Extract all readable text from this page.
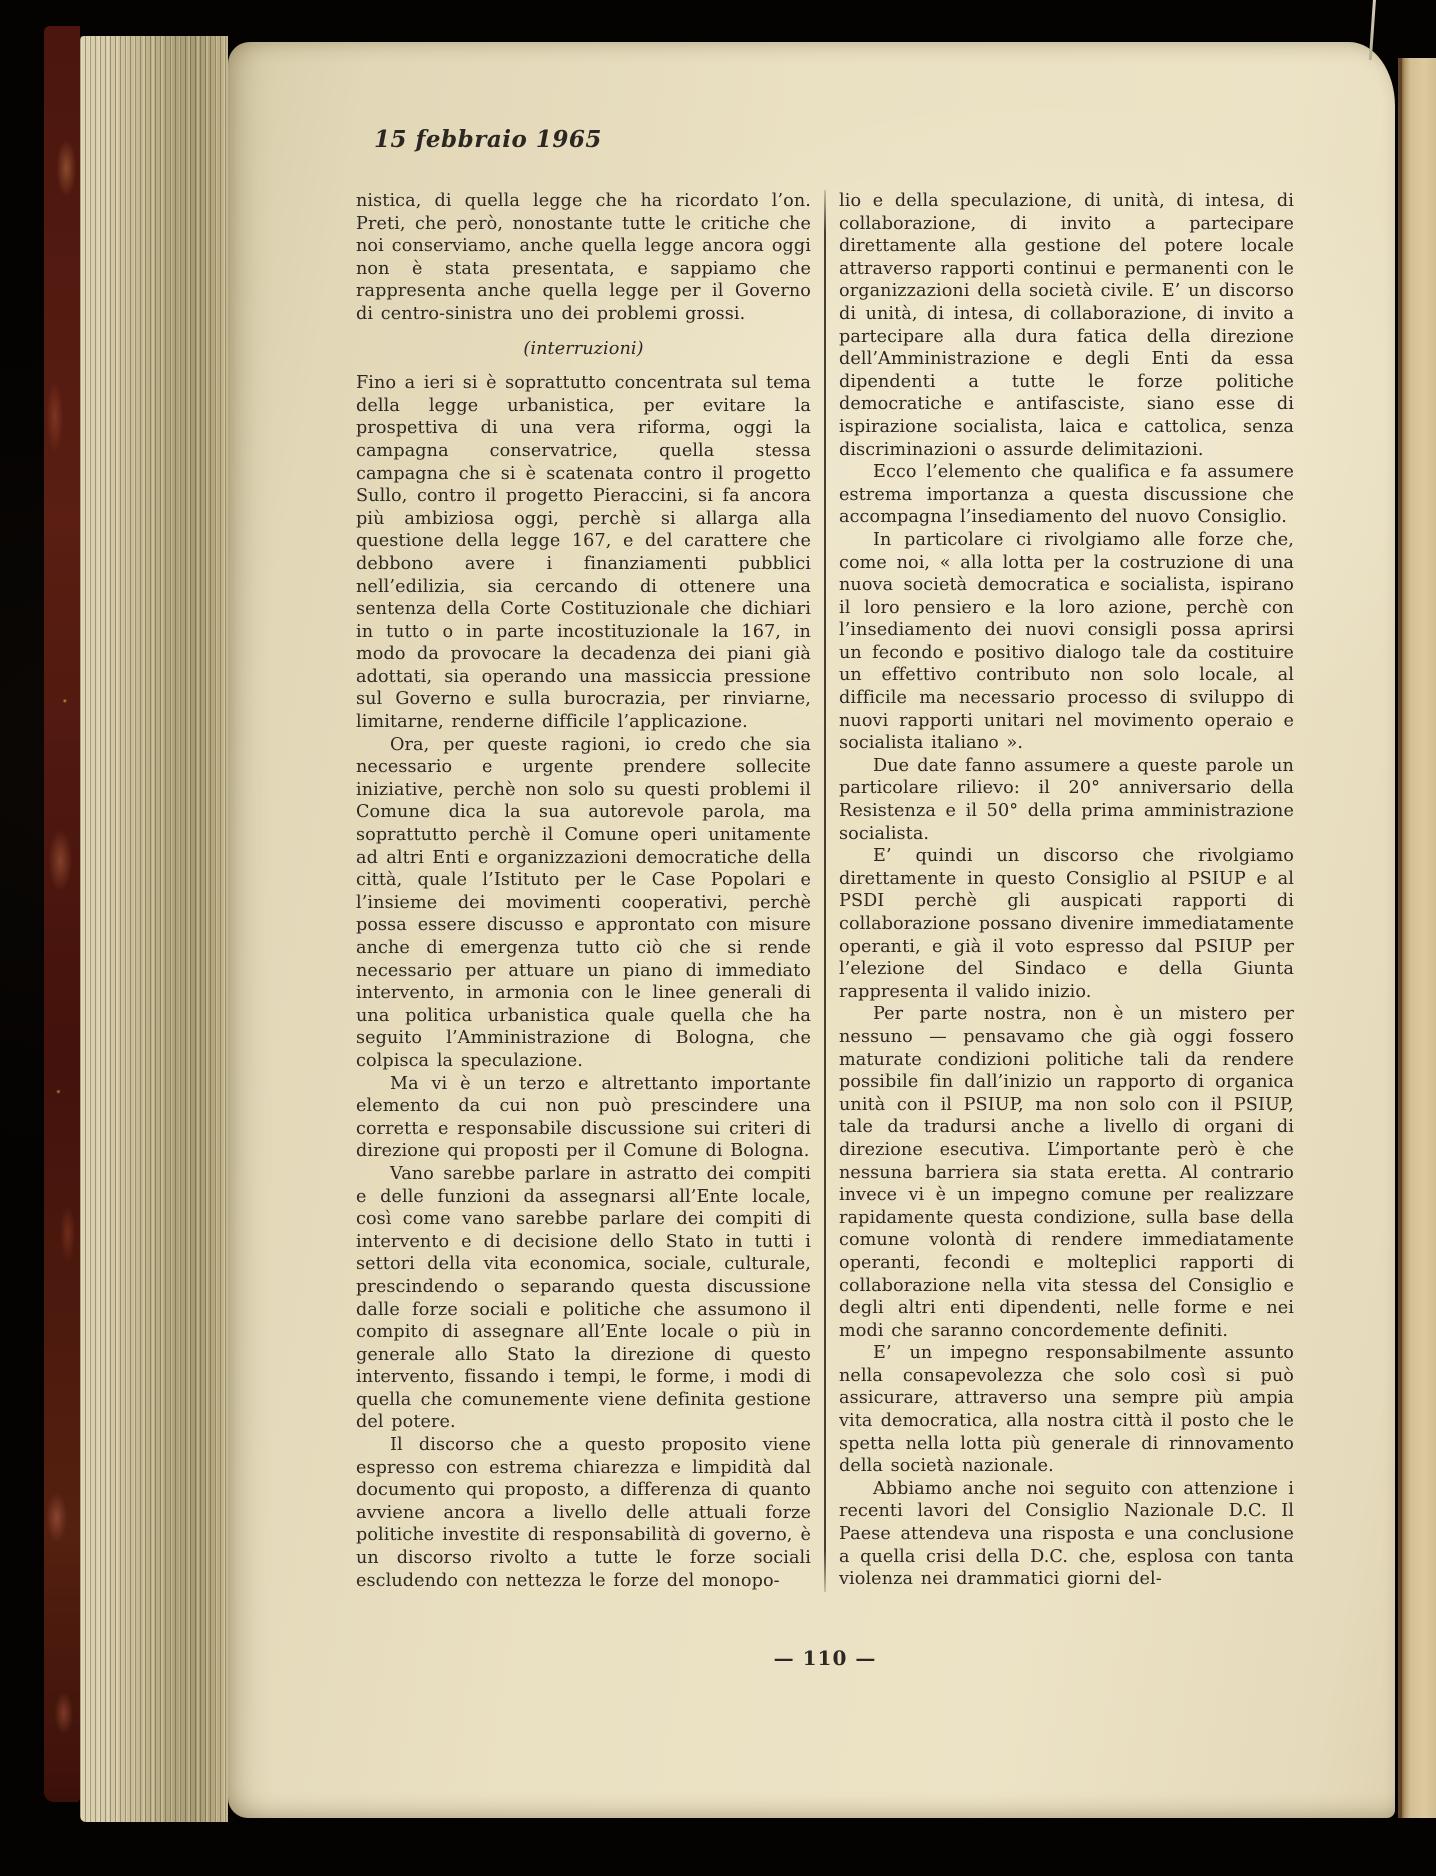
15 febbraio 1965

nistica, di quella legge che ha ricordato l’on. Preti, che però, nonostante tutte le critiche che noi conserviamo, anche quella legge ancora oggi non è stata presentata, e sappiamo che rappresenta anche quella legge per il Governo di centro-sinistra uno dei problemi grossi.

(interruzioni)

Fino a ieri si è soprattutto concentrata sul tema della legge urbanistica, per evitare la prospettiva di una vera riforma, oggi la campagna conservatrice, quella stessa campagna che si è scatenata contro il progetto Sullo, contro il progetto Pieraccini, si fa ancora più ambiziosa oggi, perchè si allarga alla questione della legge 167, e del carattere che debbono avere i finanziamenti pubblici nell’edilizia, sia cercando di ottenere una sentenza della Corte Costituzionale che dichiari in tutto o in parte incostituzionale la 167, in modo da provocare la decadenza dei piani già adottati, sia operando una massiccia pressione sul Governo e sulla burocrazia, per rinviarne, limitarne, renderne difficile l’applicazione.

Ora, per queste ragioni, io credo che sia necessario e urgente prendere sollecite iniziative, perchè non solo su questi problemi il Comune dica la sua autorevole parola, ma soprattutto perchè il Comune operi unitamente ad altri Enti e organizzazioni democratiche della città, quale l’Istituto per le Case Popolari e l’insieme dei movimenti cooperativi, perchè possa essere discusso e approntato con misure anche di emergenza tutto ciò che si rende necessario per attuare un piano di immediato intervento, in armonia con le linee generali di una politica urbanistica quale quella che ha seguito l’Amministrazione di Bologna, che colpisca la speculazione.

Ma vi è un terzo e altrettanto importante elemento da cui non può prescindere una corretta e responsabile discussione sui criteri di direzione qui proposti per il Comune di Bologna.

Vano sarebbe parlare in astratto dei compiti e delle funzioni da assegnarsi all’Ente locale, così come vano sarebbe parlare dei compiti di intervento e di decisione dello Stato in tutti i settori della vita economica, sociale, culturale, prescindendo o separando questa discussione dalle forze sociali e politiche che assumono il compito di assegnare all’Ente locale o più in generale allo Stato la direzione di questo intervento, fissando i tempi, le forme, i modi di quella che comunemente viene definita gestione del potere.

Il discorso che a questo proposito viene espresso con estrema chiarezza e limpidità dal documento qui proposto, a differenza di quanto avviene ancora a livello delle attuali forze politiche investite di responsabilità di governo, è un discorso rivolto a tutte le forze sociali escludendo con nettezza le forze del monopo-

lio e della speculazione, di unità, di intesa, di collaborazione, di invito a partecipare direttamente alla gestione del potere locale attraverso rapporti continui e permanenti con le organizzazioni della società civile. E’ un discorso di unità, di intesa, di collaborazione, di invito a partecipare alla dura fatica della direzione dell’Amministrazione e degli Enti da essa dipendenti a tutte le forze politiche democratiche e antifasciste, siano esse di ispirazione socialista, laica e cattolica, senza discriminazioni o assurde delimitazioni.

Ecco l’elemento che qualifica e fa assumere estrema importanza a questa discussione che accompagna l’insediamento del nuovo Consiglio.

In particolare ci rivolgiamo alle forze che, come noi, « alla lotta per la costruzione di una nuova società democratica e socialista, ispirano il loro pensiero e la loro azione, perchè con l’insediamento dei nuovi consigli possa aprirsi un fecondo e positivo dialogo tale da costituire un effettivo contributo non solo locale, al difficile ma necessario processo di sviluppo di nuovi rapporti unitari nel movimento operaio e socialista italiano ».

Due date fanno assumere a queste parole un particolare rilievo: il 20° anniversario della Resistenza e il 50° della prima amministrazione socialista.

E’ quindi un discorso che rivolgiamo direttamente in questo Consiglio al PSIUP e al PSDI perchè gli auspicati rapporti di collaborazione possano divenire immediatamente operanti, e già il voto espresso dal PSIUP per l’elezione del Sindaco e della Giunta rappresenta il valido inizio.

Per parte nostra, non è un mistero per nessuno — pensavamo che già oggi fossero maturate condizioni politiche tali da rendere possibile fin dall’inizio un rapporto di organica unità con il PSIUP, ma non solo con il PSIUP, tale da tradursi anche a livello di organi di direzione esecutiva. L’importante però è che nessuna barriera sia stata eretta. Al contrario invece vi è un impegno comune per realizzare rapidamente questa condizione, sulla base della comune volontà di rendere immediatamente operanti, fecondi e molteplici rapporti di collaborazione nella vita stessa del Consiglio e degli altri enti dipendenti, nelle forme e nei modi che saranno concordemente definiti.

E’ un impegno responsabilmente assunto nella consapevolezza che solo così si può assicurare, attraverso una sempre più ampia vita democratica, alla nostra città il posto che le spetta nella lotta più generale di rinnovamento della società nazionale.

Abbiamo anche noi seguito con attenzione i recenti lavori del Consiglio Nazionale D.C. Il Paese attendeva una risposta e una conclusione a quella crisi della D.C. che, esplosa con tanta violenza nei drammatici giorni del-

— 110 —
